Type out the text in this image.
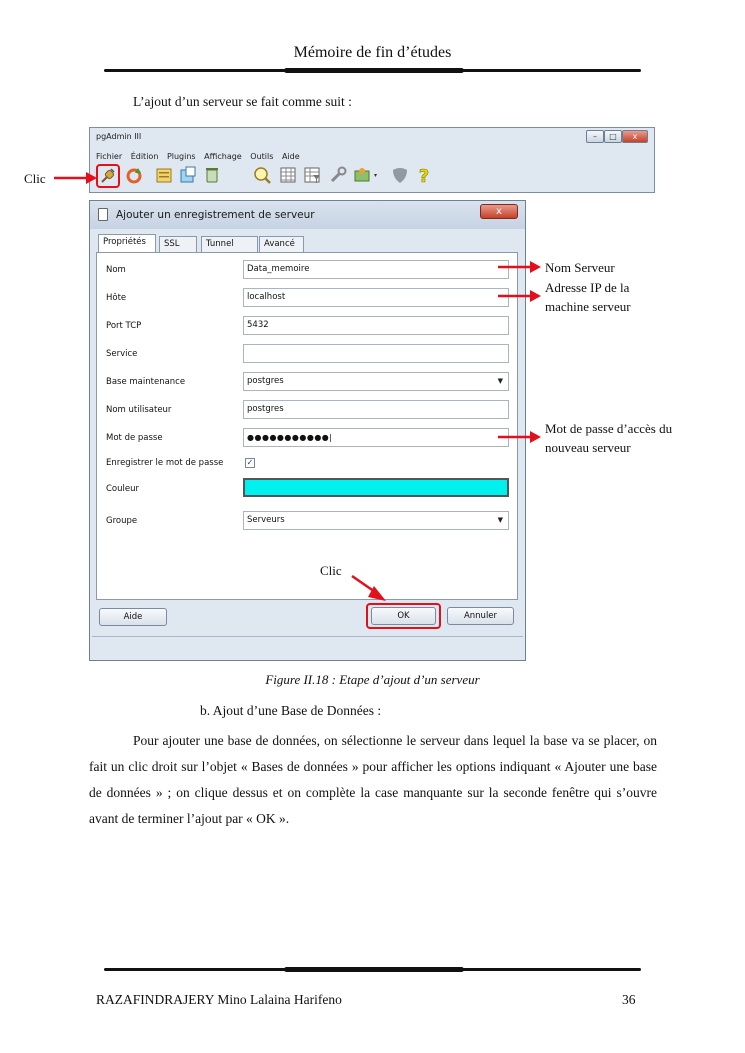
Mémoire de fin d’études
L’ajout d’un serveur se fait comme suit :
pgAdmin III	–	□	x
Fichier Édition Plugins Affichage Outils Aide
?
Ajouter un enregistrement de serveur	x
Propriétés	SSL	Tunnel	Avancé
Nom	Data_memoire
Hôte	localhost
Port TCP	5432
Service
Base maintenance	postgres	▼
Nom utilisateur	postgres
Mot de passe	●●●●●●●●●●●|
Enregistrer le mot de passe	✓
Couleur
Groupe	Serveurs	▼
Aide	OK	Annuler
Clic
Nom Serveur
Adresse IP de la machine serveur
Mot de passe d’accès du nouveau serveur
Clic
Figure II.18 : Etape d’ajout d’un serveur
b. Ajout d’une Base de Données :
Pour ajouter une base de données, on sélectionne le serveur dans lequel la base va se placer, on fait un clic droit sur l’objet « Bases de données » pour afficher les options indiquant « Ajouter une base de données » ; on clique dessus et on complète la case manquante sur la seconde fenêtre qui s’ouvre avant de terminer l’ajout par « OK ».
RAZAFINDRAJERY Mino Lalaina Harifeno	36
